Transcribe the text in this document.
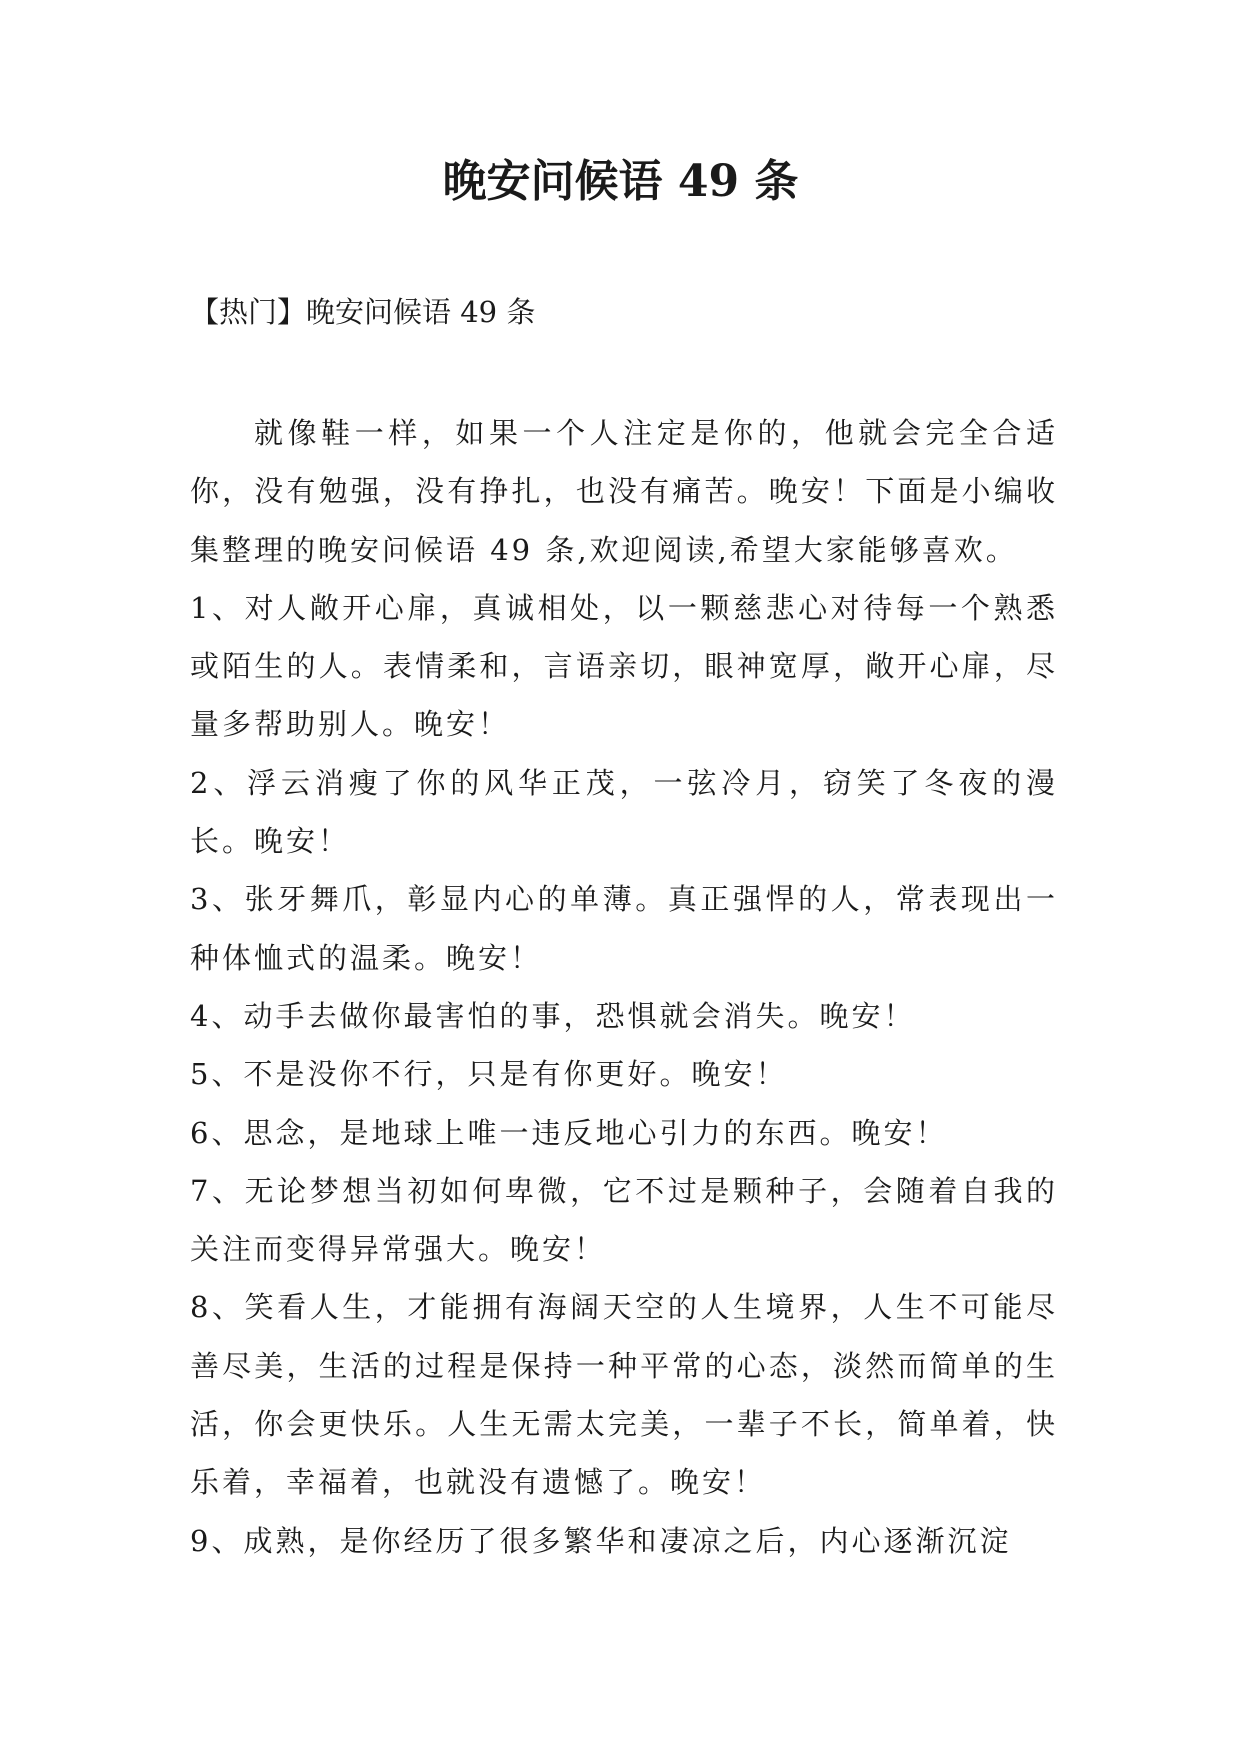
晚安问候语 49 条

【热门】晚安问候语 49 条

就像鞋一样，如果一个人注定是你的，他就会完全合适你，没有勉强，没有挣扎，也没有痛苦。晚安！下面是小编收集整理的晚安问候语 49 条,欢迎阅读,希望大家能够喜欢。

1、对人敞开心扉，真诚相处，以一颗慈悲心对待每一个熟悉或陌生的人。表情柔和，言语亲切，眼神宽厚，敞开心扉，尽量多帮助别人。晚安！

2、浮云消瘦了你的风华正茂，一弦冷月，窃笑了冬夜的漫长。晚安！

3、张牙舞爪，彰显内心的单薄。真正强悍的人，常表现出一种体恤式的温柔。晚安！

4、动手去做你最害怕的事，恐惧就会消失。晚安！

5、不是没你不行，只是有你更好。晚安！

6、思念，是地球上唯一违反地心引力的东西。晚安！

7、无论梦想当初如何卑微，它不过是颗种子，会随着自我的关注而变得异常强大。晚安！

8、笑看人生，才能拥有海阔天空的人生境界，人生不可能尽善尽美，生活的过程是保持一种平常的心态，淡然而简单的生活，你会更快乐。人生无需太完美，一辈子不长，简单着，快乐着，幸福着，也就没有遗憾了。晚安！

9、成熟，是你经历了很多繁华和凄凉之后，内心逐渐沉淀
